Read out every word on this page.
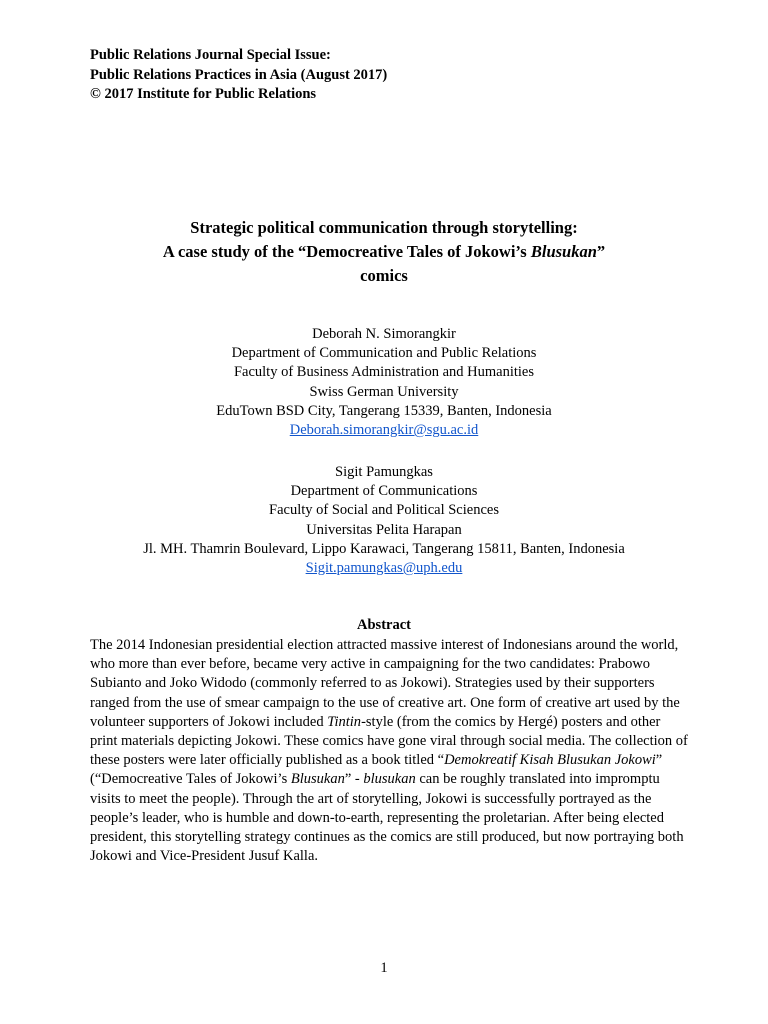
Public Relations Journal Special Issue:
Public Relations Practices in Asia (August 2017)
© 2017 Institute for Public Relations
Strategic political communication through storytelling:
A case study of the “Democreative Tales of Jokowi’s Blusukan”
comics
Deborah N. Simorangkir
Department of Communication and Public Relations
Faculty of Business Administration and Humanities
Swiss German University
EduTown BSD City, Tangerang 15339, Banten, Indonesia
Deborah.simorangkir@sgu.ac.id
Sigit Pamungkas
Department of Communications
Faculty of Social and Political Sciences
Universitas Pelita Harapan
Jl. MH. Thamrin Boulevard, Lippo Karawaci, Tangerang 15811, Banten, Indonesia
Sigit.pamungkas@uph.edu
Abstract

The 2014 Indonesian presidential election attracted massive interest of Indonesians around the world, who more than ever before, became very active in campaigning for the two candidates: Prabowo Subianto and Joko Widodo (commonly referred to as Jokowi). Strategies used by their supporters ranged from the use of smear campaign to the use of creative art. One form of creative art used by the volunteer supporters of Jokowi included Tintin-style (from the comics by Hergé) posters and other print materials depicting Jokowi. These comics have gone viral through social media. The collection of these posters were later officially published as a book titled “Demokreatif Kisah Blusukan Jokowi” (“Democreative Tales of Jokowi’s Blusukan” - blusukan can be roughly translated into impromptu visits to meet the people). Through the art of storytelling, Jokowi is successfully portrayed as the people’s leader, who is humble and down-to-earth, representing the proletarian. After being elected president, this storytelling strategy continues as the comics are still produced, but now portraying both Jokowi and Vice-President Jusuf Kalla.

1
